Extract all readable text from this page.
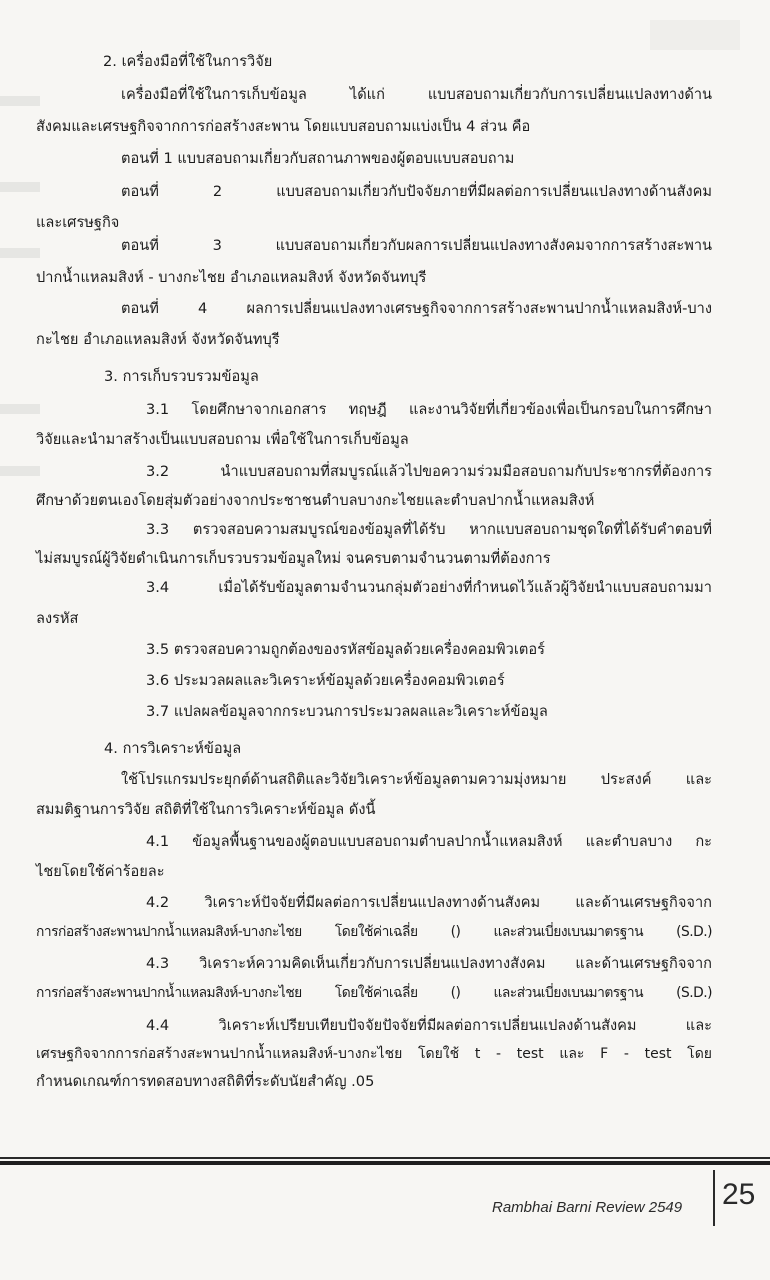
2. เครื่องมือที่ใช้ในการวิจัย
เครื่องมือที่ใช้ในการเก็บข้อมูล ได้แก่ แบบสอบถามเกี่ยวกับการเปลี่ยนแปลงทางด้าน
สังคมและเศรษฐกิจจากการก่อสร้างสะพาน โดยแบบสอบถามแบ่งเป็น 4 ส่วน คือ
ตอนที่ 1 แบบสอบถามเกี่ยวกับสถานภาพของผู้ตอบแบบสอบถาม
ตอนที่ 2 แบบสอบถามเกี่ยวกับปัจจัยภายที่มีผลต่อการเปลี่ยนแปลงทางด้านสังคม
และเศรษฐกิจ
ตอนที่ 3 แบบสอบถามเกี่ยวกับผลการเปลี่ยนแปลงทางสังคมจากการสร้างสะพาน
ปากน้ำแหลมสิงห์ - บางกะไชย อำเภอแหลมสิงห์ จังหวัดจันทบุรี
ตอนที่ 4 ผลการเปลี่ยนแปลงทางเศรษฐกิจจากการสร้างสะพานปากน้ำแหลมสิงห์-บาง
กะไชย อำเภอแหลมสิงห์ จังหวัดจันทบุรี
3. การเก็บรวบรวมข้อมูล
3.1 โดยศึกษาจากเอกสาร ทฤษฎี และงานวิจัยที่เกี่ยวข้องเพื่อเป็นกรอบในการศึกษา
วิจัยและนำมาสร้างเป็นแบบสอบถาม เพื่อใช้ในการเก็บข้อมูล
3.2 นำแบบสอบถามที่สมบูรณ์แล้วไปขอความร่วมมือสอบถามกับประชากรที่ต้องการ
ศึกษาด้วยตนเองโดยสุ่มตัวอย่างจากประชาชนตำบลบางกะไชยและตำบลปากน้ำแหลมสิงห์
3.3 ตรวจสอบความสมบูรณ์ของข้อมูลที่ได้รับ หากแบบสอบถามชุดใดที่ได้รับคำตอบที่
ไม่สมบูรณ์ผู้วิจัยดำเนินการเก็บรวบรวมข้อมูลใหม่ จนครบตามจำนวนตามที่ต้องการ
3.4 เมื่อได้รับข้อมูลตามจำนวนกลุ่มตัวอย่างที่กำหนดไว้แล้วผู้วิจัยนำแบบสอบถามมา
ลงรหัส
3.5 ตรวจสอบความถูกต้องของรหัสข้อมูลด้วยเครื่องคอมพิวเตอร์
3.6 ประมวลผลและวิเคราะห์ข้อมูลด้วยเครื่องคอมพิวเตอร์
3.7 แปลผลข้อมูลจากกระบวนการประมวลผลและวิเคราะห์ข้อมูล
4. การวิเคราะห์ข้อมูล
ใช้โปรแกรมประยุกต์ด้านสถิติและวิจัยวิเคราะห์ข้อมูลตามความมุ่งหมาย ประสงค์ และ
สมมติฐานการวิจัย สถิติที่ใช้ในการวิเคราะห์ข้อมูล ดังนี้
4.1 ข้อมูลพื้นฐานของผู้ตอบแบบสอบถามตำบลปากน้ำแหลมสิงห์ และตำบลบาง กะ
ไชยโดยใช้ค่าร้อยละ
4.2 วิเคราะห์ปัจจัยที่มีผลต่อการเปลี่ยนแปลงทางด้านสังคม และด้านเศรษฐกิจจาก
การก่อสร้างสะพานปากน้ำแหลมสิงห์-บางกะไชย โดยใช้ค่าเฉลี่ย () และส่วนเบี่ยงเบนมาตรฐาน (S.D.)
4.3 วิเคราะห์ความคิดเห็นเกี่ยวกับการเปลี่ยนแปลงทางสังคม และด้านเศรษฐกิจจาก
การก่อสร้างสะพานปากน้ำแหลมสิงห์-บางกะไชย โดยใช้ค่าเฉลี่ย () และส่วนเบี่ยงเบนมาตรฐาน (S.D.)
4.4 วิเคราะห์เปรียบเทียบปัจจัยปัจจัยที่มีผลต่อการเปลี่ยนแปลงด้านสังคม และ
เศรษฐกิจจากการก่อสร้างสะพานปากน้ำแหลมสิงห์-บางกะไชย โดยใช้ t - test และ F - test โดย
กำหนดเกณฑ์การทดสอบทางสถิติที่ระดับนัยสำคัญ .05
Rambhai Barni Review 2549 25
